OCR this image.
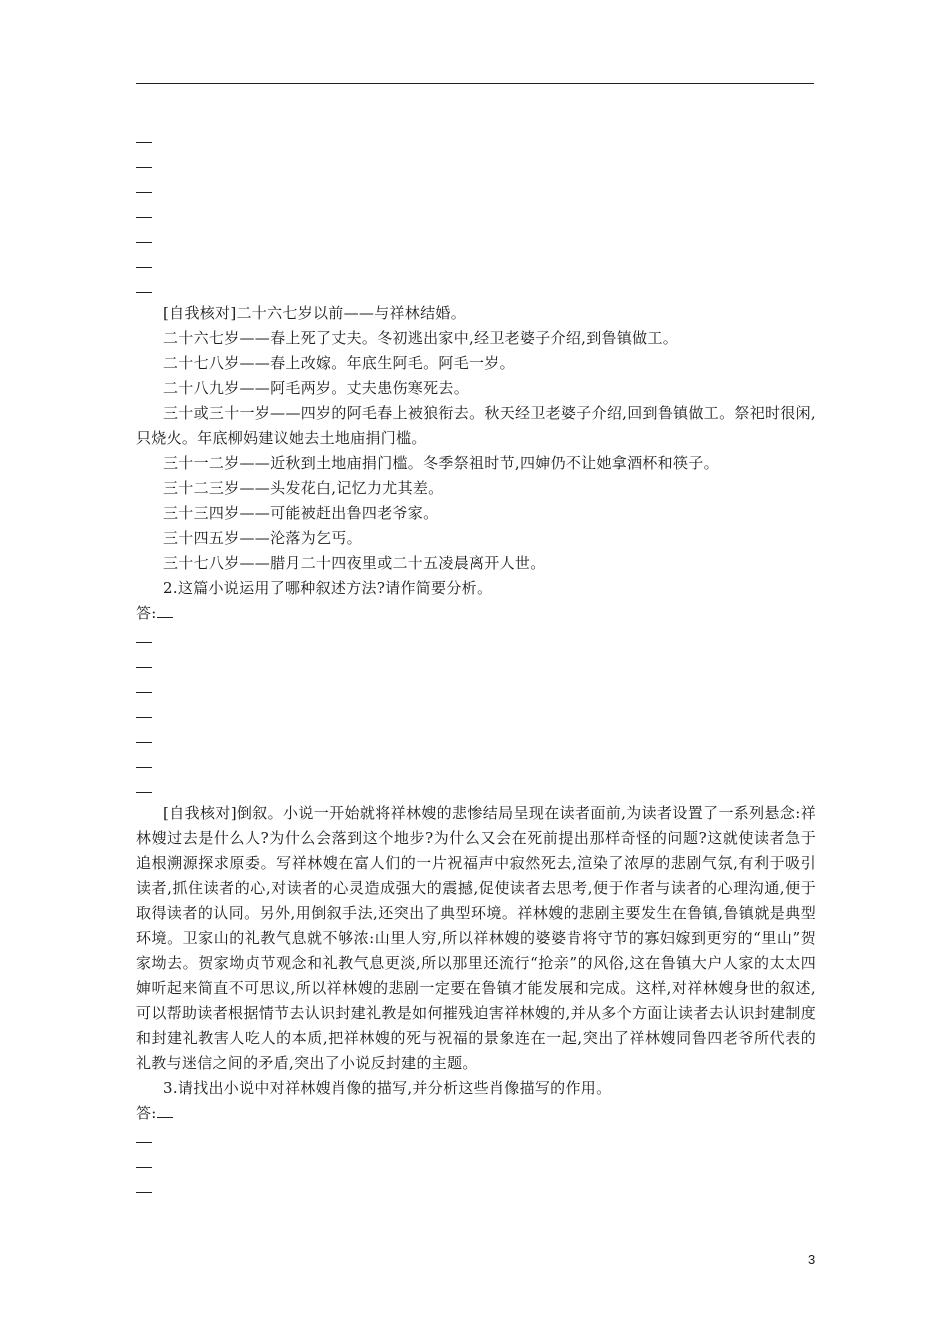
[自我核对]二十六七岁以前——与祥林结婚。

二十六七岁——春上死了丈夫。冬初逃出家中,经卫老婆子介绍,到鲁镇做工。

二十七八岁——春上改嫁。年底生阿毛。阿毛一岁。

二十八九岁——阿毛两岁。丈夫患伤寒死去。

三十或三十一岁——四岁的阿毛春上被狼衔去。秋天经卫老婆子介绍,回到鲁镇做工。祭祀时很闲,只烧火。年底柳妈建议她去土地庙捐门槛。

三十一二岁——近秋到土地庙捐门槛。冬季祭祖时节,四婶仍不让她拿酒杯和筷子。

三十二三岁——头发花白,记忆力尤其差。

三十三四岁——可能被赶出鲁四老爷家。

三十四五岁——沦落为乞丐。

三十七八岁——腊月二十四夜里或二十五凌晨离开人世。

2.这篇小说运用了哪种叙述方法?请作简要分析。

答:

[自我核对]倒叙。小说一开始就将祥林嫂的悲惨结局呈现在读者面前,为读者设置了一系列悬念:祥林嫂过去是什么人?为什么会落到这个地步?为什么又会在死前提出那样奇怪的问题?这就使读者急于追根溯源探求原委。写祥林嫂在富人们的一片祝福声中寂然死去,渲染了浓厚的悲剧气氛,有利于吸引读者,抓住读者的心,对读者的心灵造成强大的震撼,促使读者去思考,便于作者与读者的心理沟通,便于取得读者的认同。另外,用倒叙手法,还突出了典型环境。祥林嫂的悲剧主要发生在鲁镇,鲁镇就是典型环境。卫家山的礼教气息就不够浓:山里人穷,所以祥林嫂的婆婆肯将守节的寡妇嫁到更穷的“里山”贺家坳去。贺家坳贞节观念和礼教气息更淡,所以那里还流行“抢亲”的风俗,这在鲁镇大户人家的太太四婶听起来简直不可思议,所以祥林嫂的悲剧一定要在鲁镇才能发展和完成。这样,对祥林嫂身世的叙述,可以帮助读者根据情节去认识封建礼教是如何摧残迫害祥林嫂的,并从多个方面让读者去认识封建制度和封建礼教害人吃人的本质,把祥林嫂的死与祝福的景象连在一起,突出了祥林嫂同鲁四老爷所代表的礼教与迷信之间的矛盾,突出了小说反封建的主题。

3.请找出小说中对祥林嫂肖像的描写,并分析这些肖像描写的作用。

答:

3
